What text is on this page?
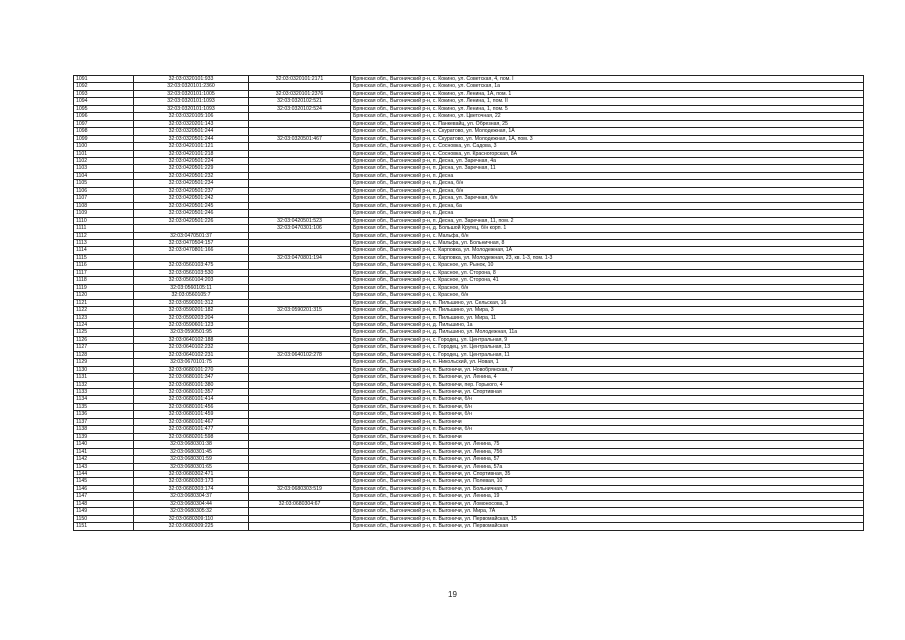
1091	32:03:0320101:933	32:03:0320101:2171	Брянская обл., Выгоничский р-н, с. Кокино, ул. Советская, 4, пом. I
1092	32:03:0320101:2360		Брянская обл., Выгоничский р-н, с. Кокино, ул. Советская, 1а
1093	32:03:0320101:1005	32:03:0320101:2376	Брянская обл., Выгоничский р-н, с. Кокино, ул. Ленина, 1А, пом. 1
1094	32:03:0320101:1093	32:03:0320102:521	Брянская обл., Выгоничский р-н, с. Кокино, ул. Ленина, 1, пом. II
1095	32:03:0320101:1093	32:03:0320102:524	Брянская обл., Выгоничский р-н, с. Кокино, ул. Ленина, 1, пом. 5
1096	32:03:0320105:106		Брянская обл., Выгоничский р-н, с. Кокино, ул. Цветочная, 22
1097	32:03:0320201:143		Брянская обл., Выгоничский р-н, с. Панкевайц, ул. Обрезная, 25
1098	32:03:0320501:244		Брянская обл., Выгоничский р-н, с. Скуратово, ул. Молодежная, 1А
1099	32:03:0320501:244	32:03:0320501:467	Брянская обл., Выгоничский р-н, с. Скуратово, ул. Молодежная, 1А, пом. 3
1100	32:03:0420101:121		Брянская обл., Выгоничский р-н, с. Сосновка, ул. Садова, 3
1101	32:03:0420101:218		Брянская обл., Выгоничский р-н, с. Сосновка, ул. Красногорская, 8А
1102	32:03:0420501:224		Брянская обл., Выгоничский р-н, п. Десна, ул. Заречная, 4а
1103	32:03:0420501:229		Брянская обл., Выгоничский р-н, п. Десна, ул. Заречная, 11
1104	32:03:0420501:232		Брянская обл., Выгоничский р-н, п. Десна
1105	32:03:0420501:234		Брянская обл., Выгоничский р-н, п. Десна, б/н
1106	32:03:0420501:237		Брянская обл., Выгоничский р-н, п. Десна, б/н
1107	32:03:0420501:242		Брянская обл., Выгоничский р-н, п. Десна, ул. Заречная, б/н
1108	32:03:0420501:245		Брянская обл., Выгоничский р-н, п. Десна, 6а
1109	32:03:0420501:246		Брянская обл., Выгоничский р-н, п. Десна
1110	32:03:0420501:226	32:03:0420501:523	Брянская обл., Выгоничский р-н, п. Десна, ул. Заречная, 11, пом. 2
1111		32:03:0470301:106	Брянская обл., Выгоничский р-н, д. Большой Кругец, б/н корп. 1
1112	32:03:0470501:37		Брянская обл., Выгоничский р-н, с. Мальфа, б/н
1113	32:03:0470504:157		Брянская обл., Выгоничский р-н, с. Мальфа, ул. Больничная, 8
1114	32:03:0470801:166		Брянская обл., Выгоничский р-н, с. Карповка, ул. Молодежная, 1А
1115		32:03:0470801:194	Брянская обл., Выгоничский р-н, с. Карповка, ул. Молодежная, 23, кв. 1-3, пом. 1-3
1116	32:03:0560103:475		Брянская обл., Выгоничский р-н, с. Красное, ул. Рынок, 10
1117	32:03:0560103:530		Брянская обл., Выгоничский р-н, с. Красное, ул. Сторона, 8
1118	32:03:0560104:203		Брянская обл., Выгоничский р-н, с. Красное, ул. Сторона, 41
1119	32:03:0560105:11		Брянская обл., Выгоничский р-н, с. Красное, б/н
1120	32:03:0560105:7		Брянская обл., Выгоничский р-н, с. Красное, б/н
1121	32:03:0590201:312		Брянская обл., Выгоничский р-н, п. Пильшино, ул. Сельская, 16
1122	32:03:0590201:182	32:03:0590201:315	Брянская обл., Выгоничский р-н, п. Пильшино, ул. Мира, 3
1123	32:03:0590203:204		Брянская обл., Выгоничский р-н, п. Пильшино, ул. Мира, 11
1124	32:03:0590601:123		Брянская обл., Выгоничский р-н, д. Пильшино, 1а
1125	32:03:0590501:95		Брянская обл., Выгоничский р-н, д. Пильшино, ул. Молодежная, 11а
1126	32:03:0640102:188		Брянская обл., Выгоничский р-н, с. Городец, ул. Центральная, 9
1127	32:03:0640102:232		Брянская обл., Выгоничский р-н, с. Городец, ул. Центральная, 13
1128	32:03:0640102:231	32:03:0640102:278	Брянская обл., Выгоничский р-н, с. Городец, ул. Центральная, 11
1129	32:03:0670101:75		Брянская обл., Выгоничский р-н, п. Никольский, ул. Новая, 1
1130	32:03:0680101:270		Брянская обл., Выгоничский р-н, п. Выгоничи, ул. Новобрянская, 7
1131	32:03:0680101:347		Брянская обл., Выгоничский р-н, п. Выгоничи, ул. Ленина, 4
1132	32:03:0680101:380		Брянская обл., Выгоничский р-н, п. Выгоничи, пер. Горького, 4
1133	32:03:0680101:357		Брянская обл., Выгоничский р-н, п. Выгоничи, ул. Спортивная
1134	32:03:0680101:414		Брянская обл., Выгоничский р-н, п. Выгоничи, б/н
1135	32:03:0680101:456		Брянская обл., Выгоничский р-н, п. Выгоничи, б/н
1136	32:03:0680101:459		Брянская обл., Выгоничский р-н, п. Выгоничи, б/н
1137	32:03:0680101:467		Брянская обл., Выгоничский р-н, п. Выгоничи
1138	32:03:0680101:477		Брянская обл., Выгоничский р-н, п. Выгоничи, б/н
1139	32:03:0680201:598		Брянская обл., Выгоничский р-н, п. Выгоничи
1140	32:03:0680301:38		Брянская обл., Выгоничский р-н, п. Выгоничи, ул. Ленина, 75
1141	32:03:0680301:45		Брянская обл., Выгоничский р-н, п. Выгоничи, ул. Ленина, 75б
1142	32:03:0680301:59		Брянская обл., Выгоничский р-н, п. Выгоничи, ул. Ленина, 57
1143	32:03:0680301:65		Брянская обл., Выгоничский р-н, п. Выгоничи, ул. Ленина, 57а
1144	32:03:0680302:471		Брянская обл., Выгоничский р-н, п. Выгоничи, ул. Спортивная, 35
1145	32:03:0680303:173		Брянская обл., Выгоничский р-н, п. Выгоничи, ул. Полевая, 10
1146	32:03:0680303:174	32:03:0680303:519	Брянская обл., Выгоничский р-н, п. Выгоничи, ул. Больничная, 7
1147	32:03:0680304:37		Брянская обл., Выгоничский р-н, п. Выгоничи, ул. Ленина, 19
1148	32:03:0680304:44	32:03:0680304:67	Брянская обл., Выгоничский р-н, п. Выгоничи, ул. Ломоносова, 3
1149	32:03:0680305:32		Брянская обл., Выгоничский р-н, п. Выгоничи, ул. Мира, 7А
1150	32:03:0680309:110		Брянская обл., Выгоничский р-н, п. Выгоничи, ул. Первомайская, 15
1151	32:03:0680309:225		Брянская обл., Выгоничский р-н, п. Выгоничи, ул. Первомайская
19
